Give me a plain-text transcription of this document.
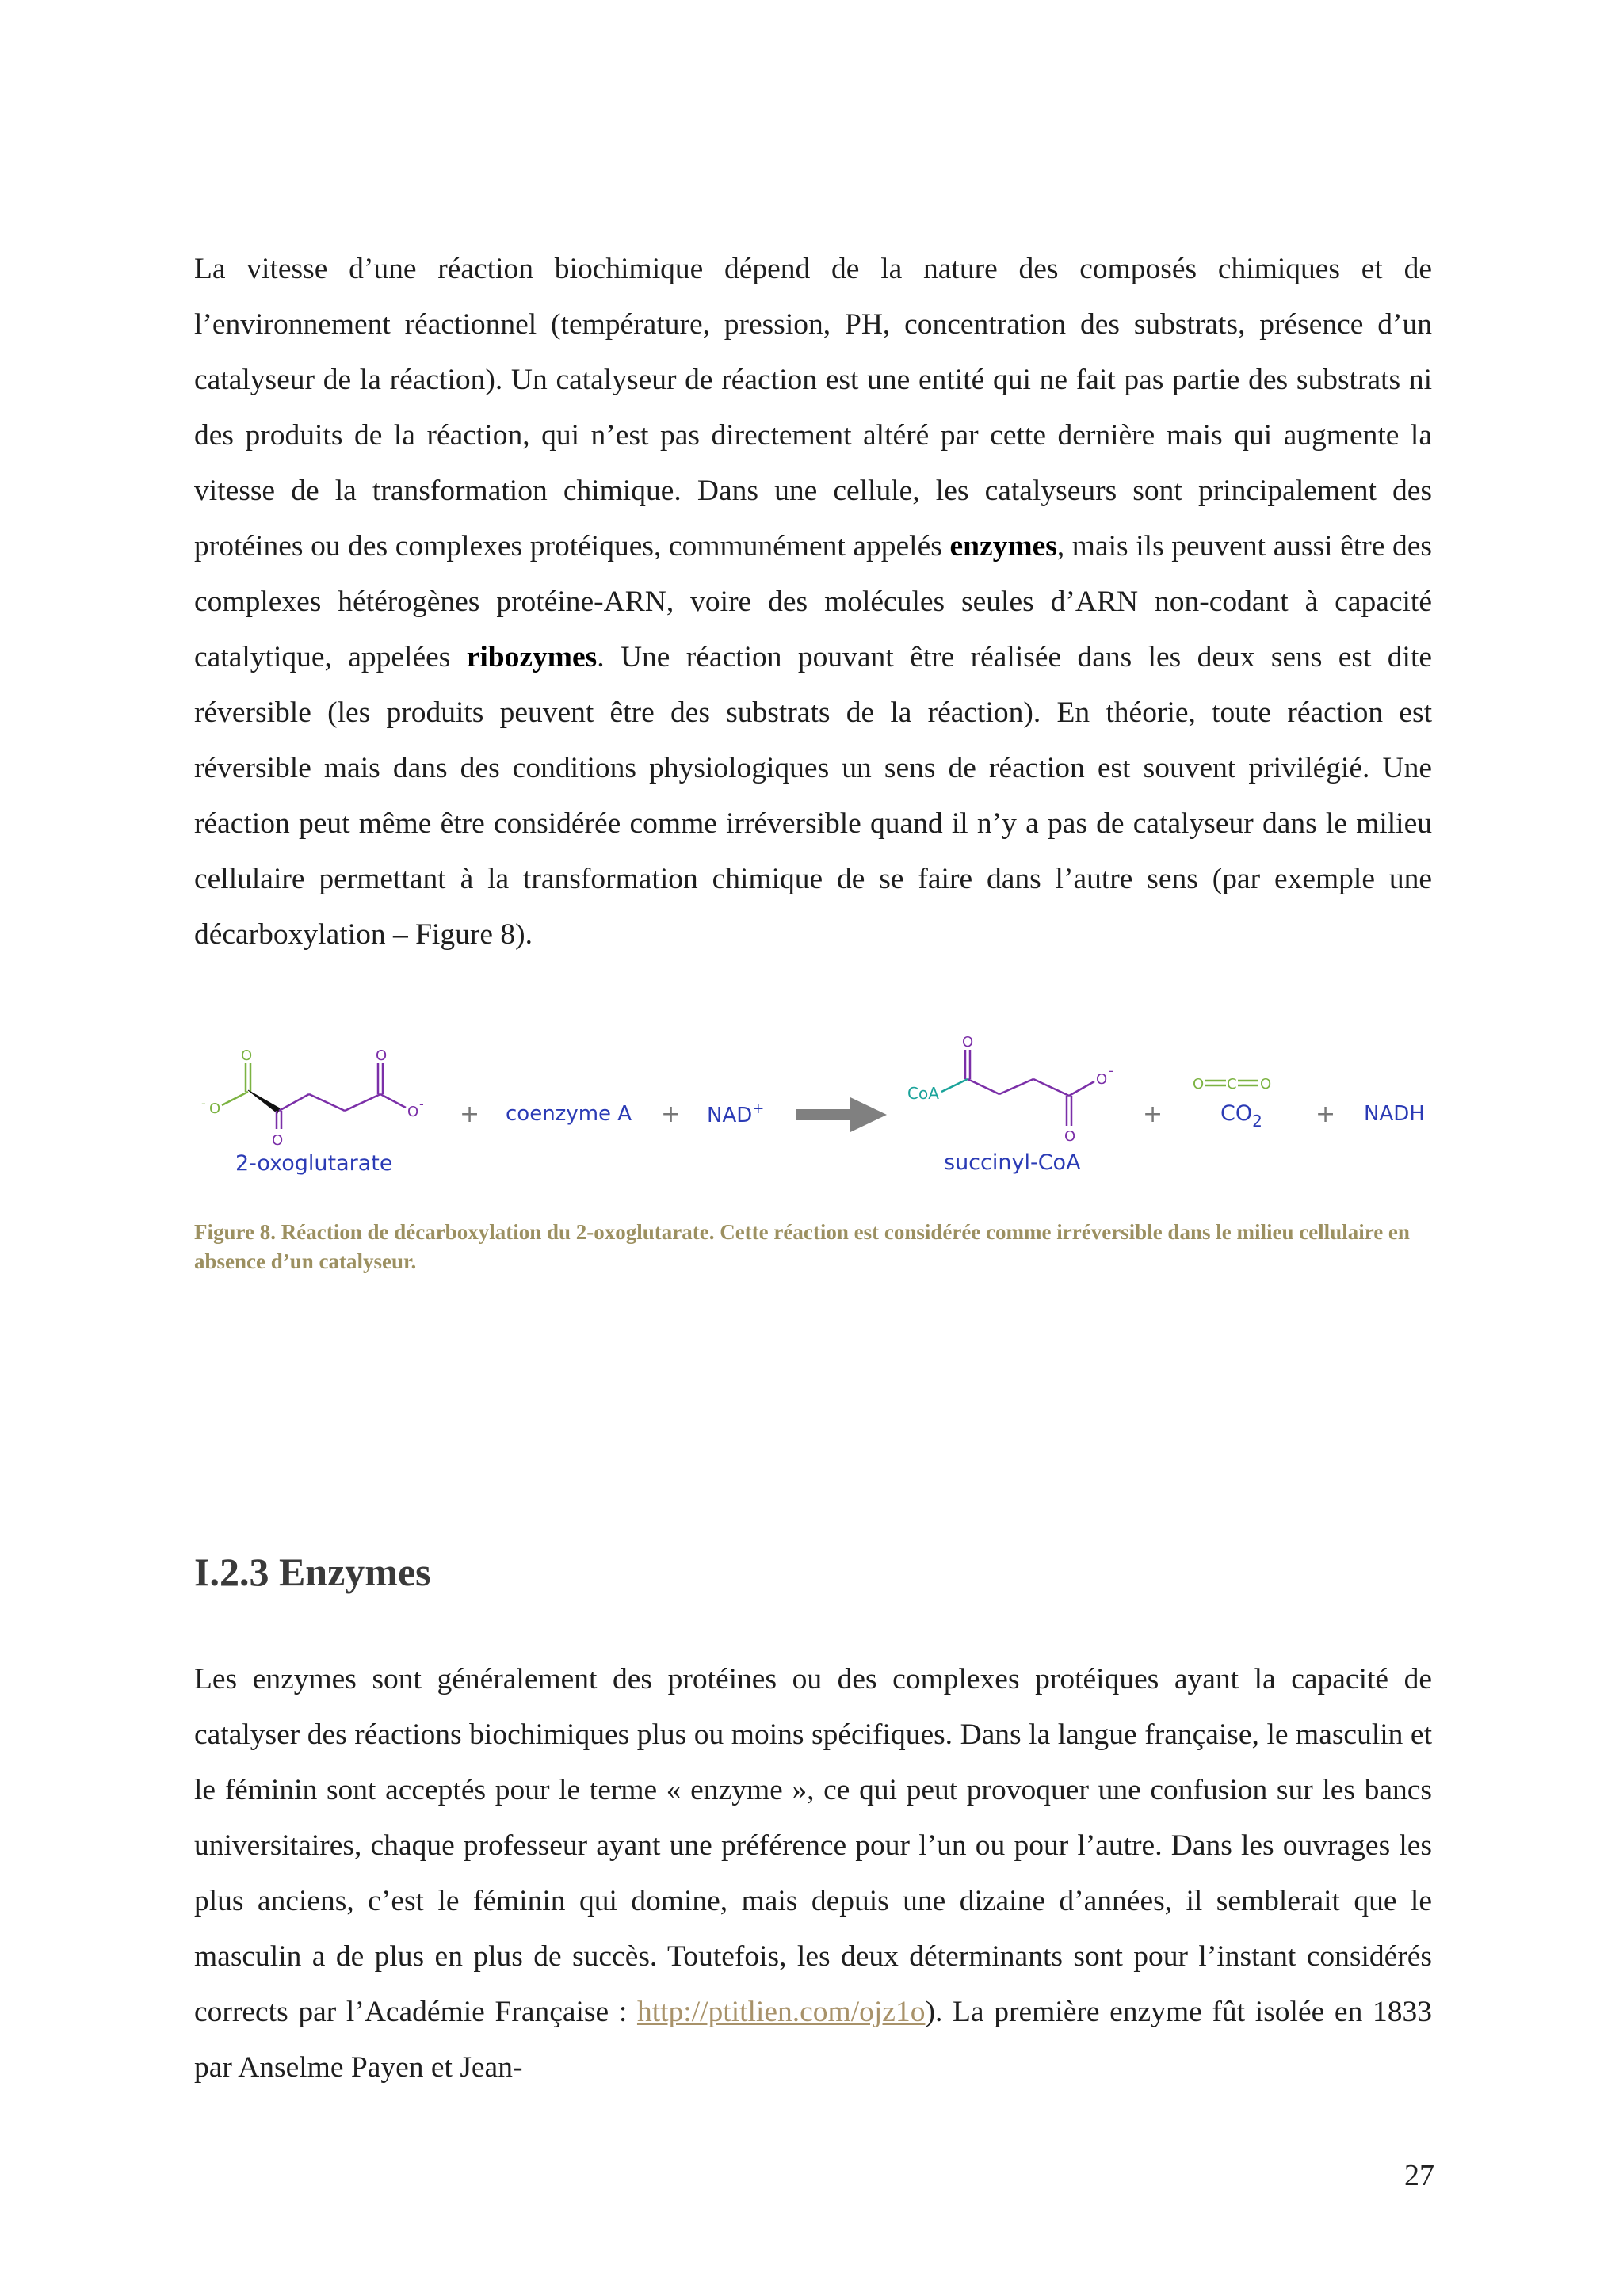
La vitesse d’une réaction biochimique dépend de la nature des composés chimiques et de l’environnement réactionnel (température, pression, PH, concentration des substrats, présence d’un catalyseur de la réaction). Un catalyseur de réaction est une entité qui ne fait pas partie des substrats ni des produits de la réaction, qui n’est pas directement altéré par cette dernière mais qui augmente la vitesse de la transformation chimique. Dans une cellule, les catalyseurs sont principalement des protéines ou des complexes protéiques, communément appelés enzymes, mais ils peuvent aussi être des complexes hétérogènes protéine-ARN, voire des molécules seules d’ARN non-codant à capacité catalytique, appelées ribozymes. Une réaction pouvant être réalisée dans les deux sens est dite réversible (les produits peuvent être des substrats de la réaction). En théorie, toute réaction est réversible mais dans des conditions physiologiques un sens de réaction est souvent privilégié. Une réaction peut même être considérée comme irréversible quand il n’y a pas de catalyseur dans le milieu cellulaire permettant à la transformation chimique de se faire dans l’autre sens (par exemple une décarboxylation – Figure 8).

O
O
-
O
O
O -
2-oxoglutarate
+ coenzyme A + NAD+
CoA
O
O
O
-
succinyl-CoA
+
O C O
$CO_2$ + NADH

Figure 8. Réaction de décarboxylation du 2-oxoglutarate. Cette réaction est considérée comme irréversible dans le milieu cellulaire en absence d’un catalyseur.

I.2.3 Enzymes

Les enzymes sont généralement des protéines ou des complexes protéiques ayant la capacité de catalyser des réactions biochimiques plus ou moins spécifiques. Dans la langue française, le masculin et le féminin sont acceptés pour le terme « enzyme », ce qui peut provoquer une confusion sur les bancs universitaires, chaque professeur ayant une préférence pour l’un ou pour l’autre. Dans les ouvrages les plus anciens, c’est le féminin qui domine, mais depuis une dizaine d’années, il semblerait que le masculin a de plus en plus de succès. Toutefois, les deux déterminants sont pour l’instant considérés corrects par l’Académie Française : http://ptitlien.com/ojz1o). La première enzyme fût isolée en 1833 par Anselme Payen et Jean-

27
